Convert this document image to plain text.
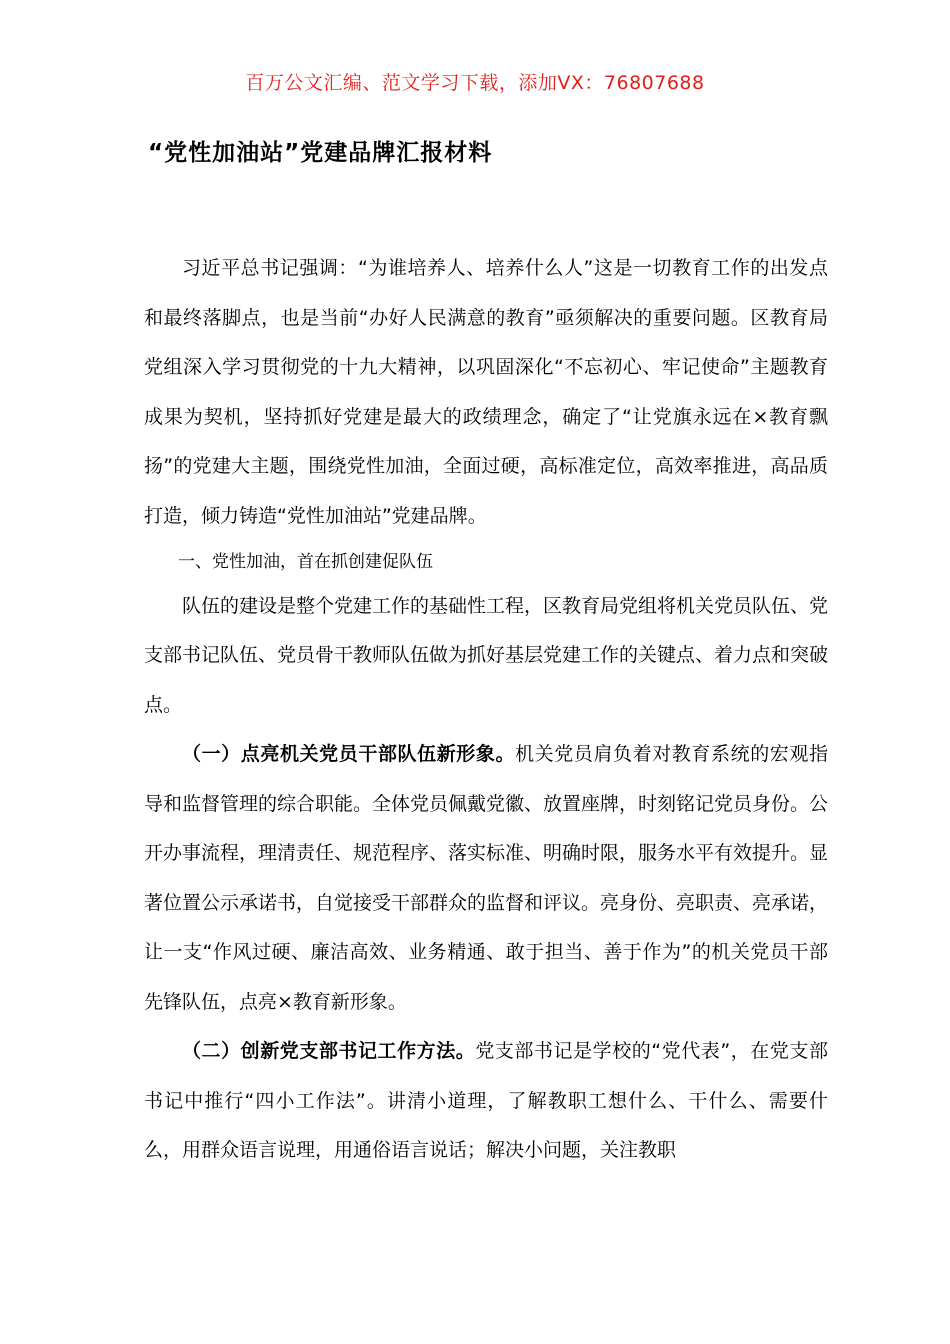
百万公文汇编、范文学习下载，添加VX：76807688
“党性加油站”党建品牌汇报材料

习近平总书记强调：“为谁培养人、培养什么人”这是一切教育工作的出发点和最终落脚点，也是当前“办好人民满意的教育”亟须解决的重要问题。区教育局党组深入学习贯彻党的十九大精神，以巩固深化“不忘初心、牢记使命”主题教育成果为契机，坚持抓好党建是最大的政绩理念，确定了“让党旗永远在×教育飘扬”的党建大主题，围绕党性加油，全面过硬，高标准定位，高效率推进，高品质打造，倾力铸造“党性加油站”党建品牌。

一、党性加油，首在抓创建促队伍

队伍的建设是整个党建工作的基础性工程，区教育局党组将机关党员队伍、党支部书记队伍、党员骨干教师队伍做为抓好基层党建工作的关键点、着力点和突破点。

（一）点亮机关党员干部队伍新形象。机关党员肩负着对教育系统的宏观指导和监督管理的综合职能。全体党员佩戴党徽、放置座牌，时刻铭记党员身份。公开办事流程，理清责任、规范程序、落实标准、明确时限，服务水平有效提升。显著位置公示承诺书，自觉接受干部群众的监督和评议。亮身份、亮职责、亮承诺，让一支“作风过硬、廉洁高效、业务精通、敢于担当、善于作为”的机关党员干部先锋队伍，点亮×教育新形象。

（二）创新党支部书记工作方法。党支部书记是学校的“党代表”，在党支部书记中推行“四小工作法”。讲清小道理，了解教职工想什么、干什么、需要什么，用群众语言说理，用通俗语言说话；解决小问题，关注教职
